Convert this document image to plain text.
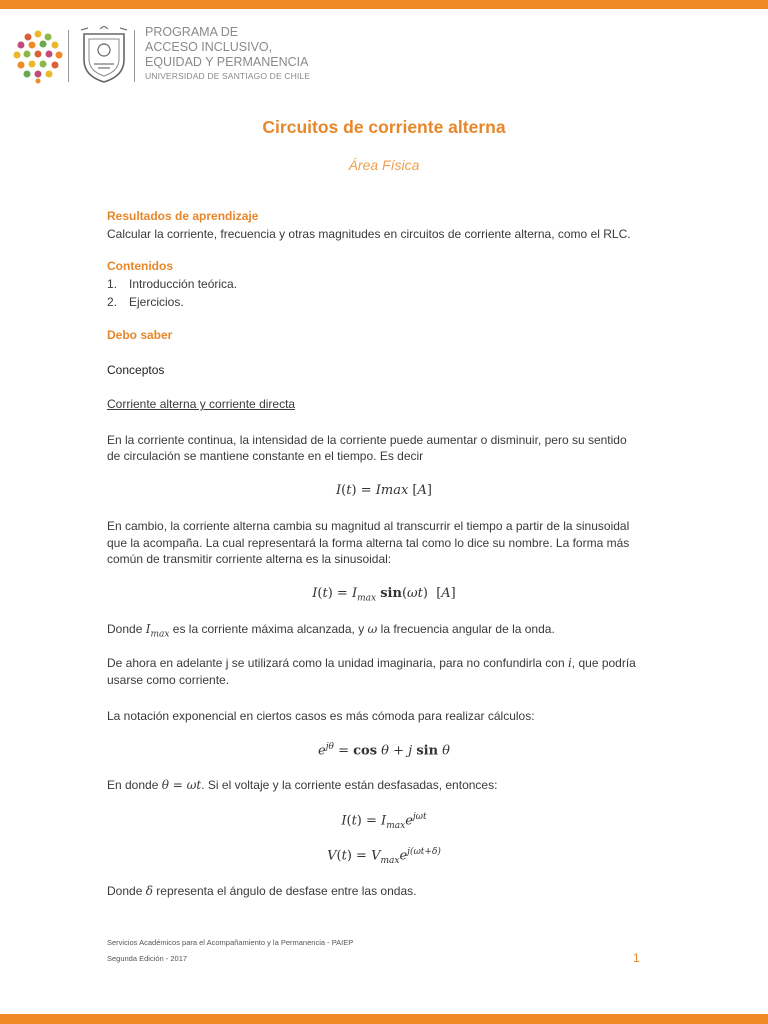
PROGRAMA DE
ACCESO INCLUSIVO,
EQUIDAD Y PERMANENCIA
UNIVERSIDAD DE SANTIAGO DE CHILE
Circuitos de corriente alterna
Área Física
Resultados de aprendizaje
Calcular la corriente, frecuencia y otras magnitudes en circuitos de corriente alterna, como el RLC.
Contenidos
1. Introducción teórica.
2. Ejercicios.
Debo saber
Conceptos
Corriente alterna y corriente directa
En la corriente continua, la intensidad de la corriente puede aumentar o disminuir, pero su sentido
de circulación se mantiene constante en el tiempo. Es decir
I(t) = Imax [A]
En cambio, la corriente alterna cambia su magnitud al transcurrir el tiempo a partir de la sinusoidal
que la acompaña. La cual representará la forma alterna tal como lo dice su nombre. La forma más
común de transmitir corriente alterna es la sinusoidal:
$I(t) = I_{max}$ sin(ωt) [A]
Donde $I_{max}$ es la corriente máxima alcanzada, y ω la frecuencia angular de la onda.
De ahora en adelante j se utilizará como la unidad imaginaria, para no confundirla con i, que podría
usarse como corriente.
La notación exponencial en ciertos casos es más cómoda para realizar cálculos:
$e^{j\theta} = \cos \theta + j$ sin θ
En donde θ = ωt. Si el voltaje y la corriente están desfasadas, entonces:
$I(t) = I_{max}e^{j\omega t}$
$V(t) = V_{max}e^{j(\omega t+\delta)}$
Donde δ representa el ángulo de desfase entre las ondas.
Servicios Académicos para el Acompañamiento y la Permanencia - PAIEP
Segunda Edición - 2017	1
